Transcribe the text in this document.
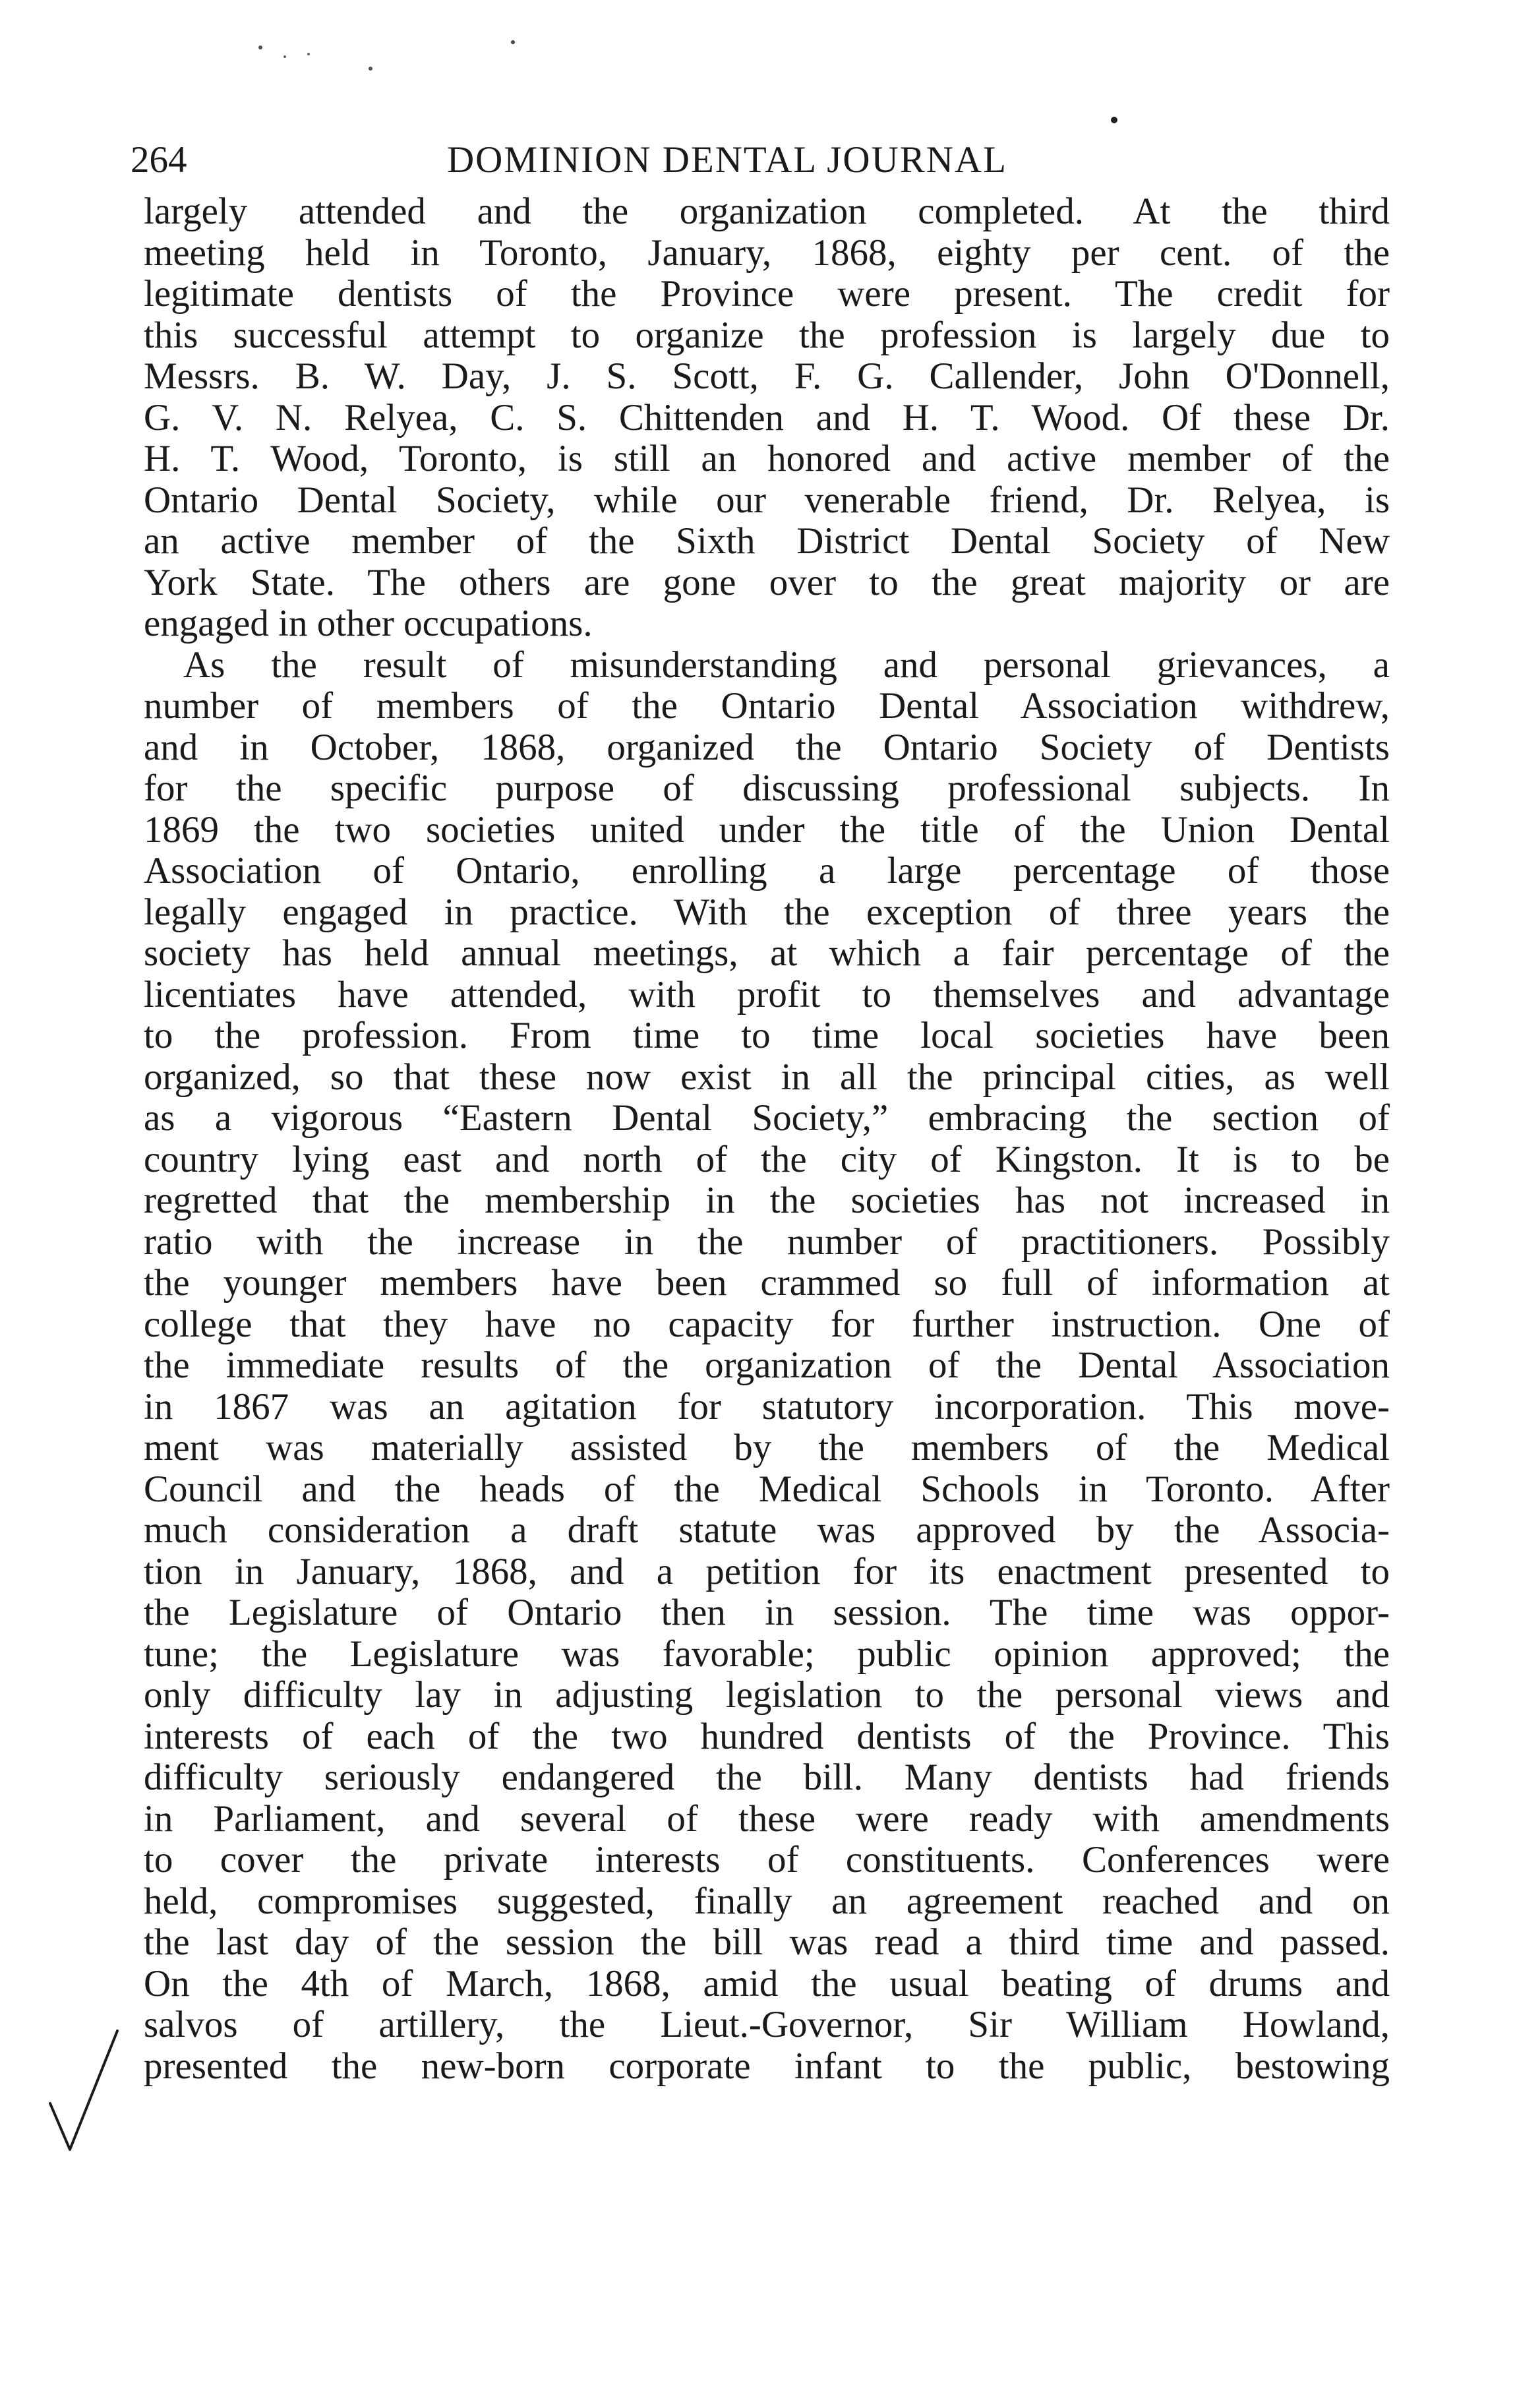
264	DOMINION DENTAL JOURNAL
largely attended and the organization completed. At the third
meeting held in Toronto, January, 1868, eighty per cent. of the
legitimate dentists of the Province were present. The credit for
this successful attempt to organize the profession is largely due to
Messrs. B. W. Day, J. S. Scott, F. G. Callender, John O'Donnell,
G. V. N. Relyea, C. S. Chittenden and H. T. Wood. Of these Dr.
H. T. Wood, Toronto, is still an honored and active member of the
Ontario Dental Society, while our venerable friend, Dr. Relyea, is
an active member of the Sixth District Dental Society of New
York State. The others are gone over to the great majority or are
engaged in other occupations.
As the result of misunderstanding and personal grievances, a
number of members of the Ontario Dental Association withdrew,
and in October, 1868, organized the Ontario Society of Dentists
for the specific purpose of discussing professional subjects. In
1869 the two societies united under the title of the Union Dental
Association of Ontario, enrolling a large percentage of those
legally engaged in practice. With the exception of three years the
society has held annual meetings, at which a fair percentage of the
licentiates have attended, with profit to themselves and advantage
to the profession. From time to time local societies have been
organized, so that these now exist in all the principal cities, as well
as a vigorous “Eastern Dental Society,” embracing the section of
country lying east and north of the city of Kingston. It is to be
regretted that the membership in the societies has not increased in
ratio with the increase in the number of practitioners. Possibly
the younger members have been crammed so full of information at
college that they have no capacity for further instruction. One of
the immediate results of the organization of the Dental Association
in 1867 was an agitation for statutory incorporation. This move-
ment was materially assisted by the members of the Medical
Council and the heads of the Medical Schools in Toronto. After
much consideration a draft statute was approved by the Associa-
tion in January, 1868, and a petition for its enactment presented to
the Legislature of Ontario then in session. The time was oppor-
tune; the Legislature was favorable; public opinion approved; the
only difficulty lay in adjusting legislation to the personal views and
interests of each of the two hundred dentists of the Province. This
difficulty seriously endangered the bill. Many dentists had friends
in Parliament, and several of these were ready with amendments
to cover the private interests of constituents. Conferences were
held, compromises suggested, finally an agreement reached and on
the last day of the session the bill was read a third time and passed.
On the 4th of March, 1868, amid the usual beating of drums and
salvos of artillery, the Lieut.-Governor, Sir William Howland,
presented the new-born corporate infant to the public, bestowing
